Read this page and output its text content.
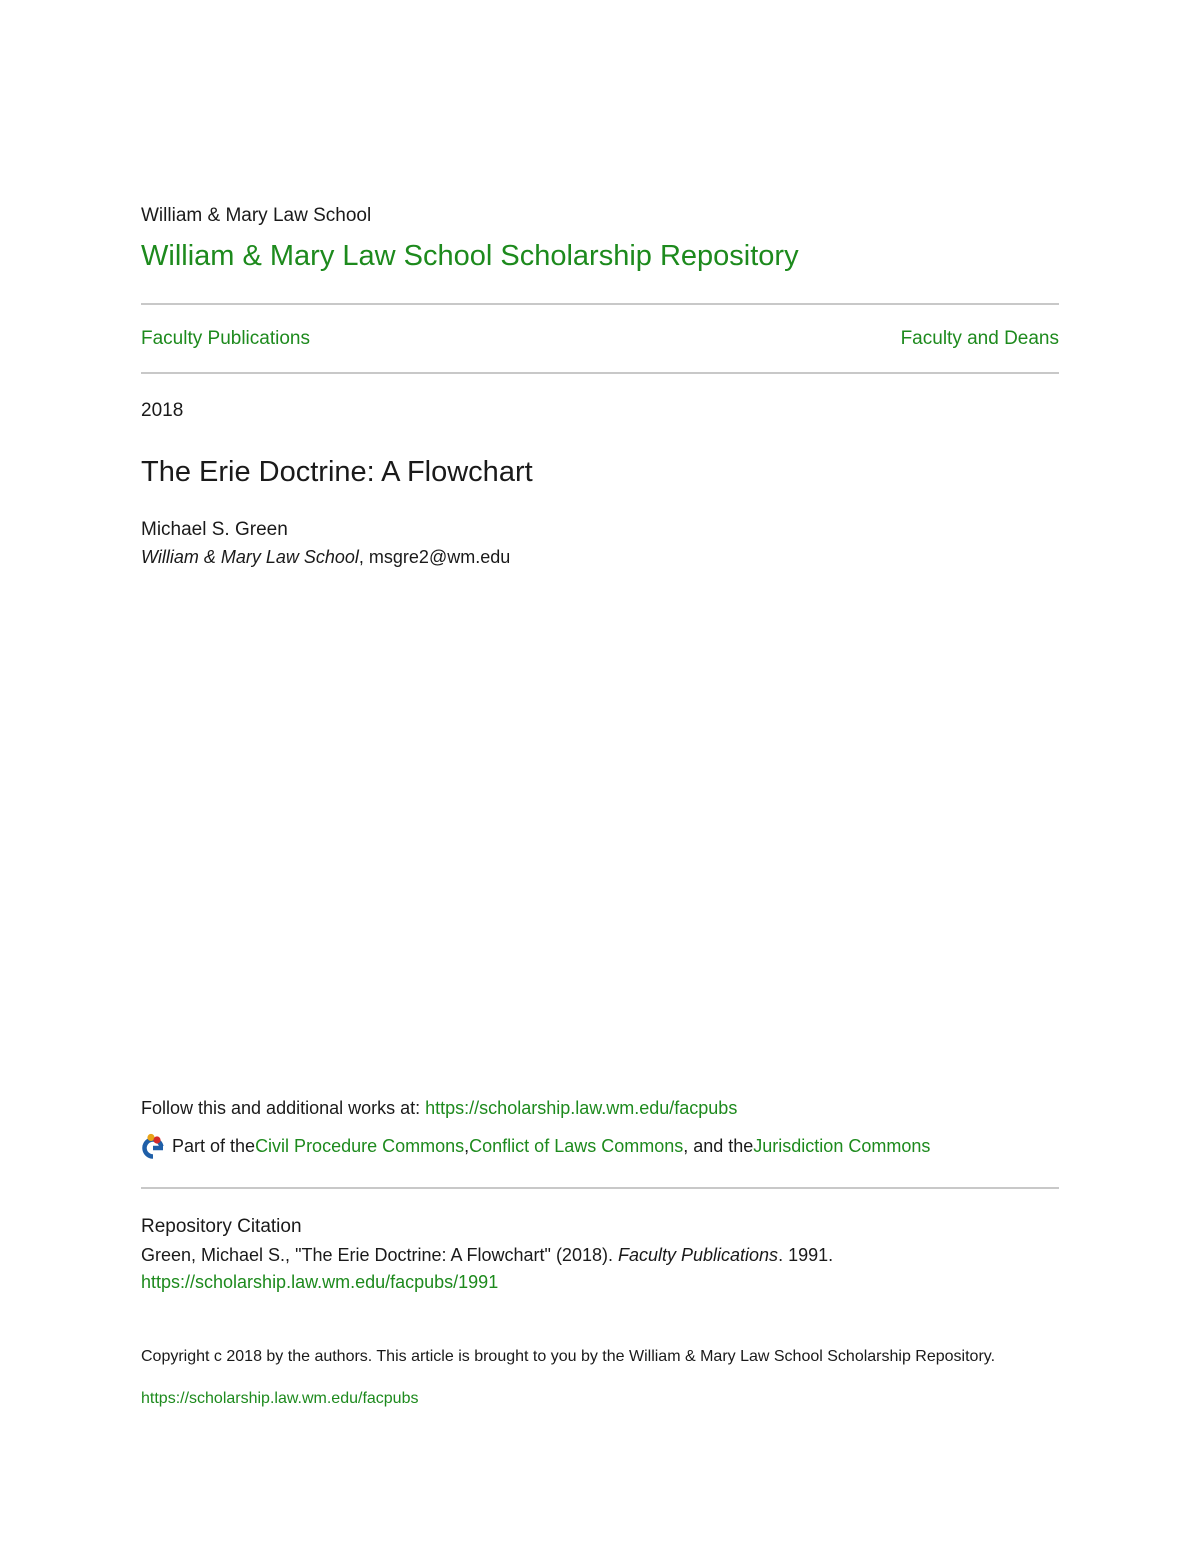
William & Mary Law School
William & Mary Law School Scholarship Repository
Faculty Publications	Faculty and Deans
2018
The Erie Doctrine: A Flowchart
Michael S. Green
William & Mary Law School, msgre2@wm.edu
Follow this and additional works at: https://scholarship.law.wm.edu/facpubs
Part of the Civil Procedure Commons , Conflict of Laws Commons , and the Jurisdiction Commons
Repository Citation
Green, Michael S., "The Erie Doctrine: A Flowchart" (2018). Faculty Publications. 1991.
https://scholarship.law.wm.edu/facpubs/1991
Copyright c 2018 by the authors. This article is brought to you by the William & Mary Law School Scholarship Repository.
https://scholarship.law.wm.edu/facpubs
